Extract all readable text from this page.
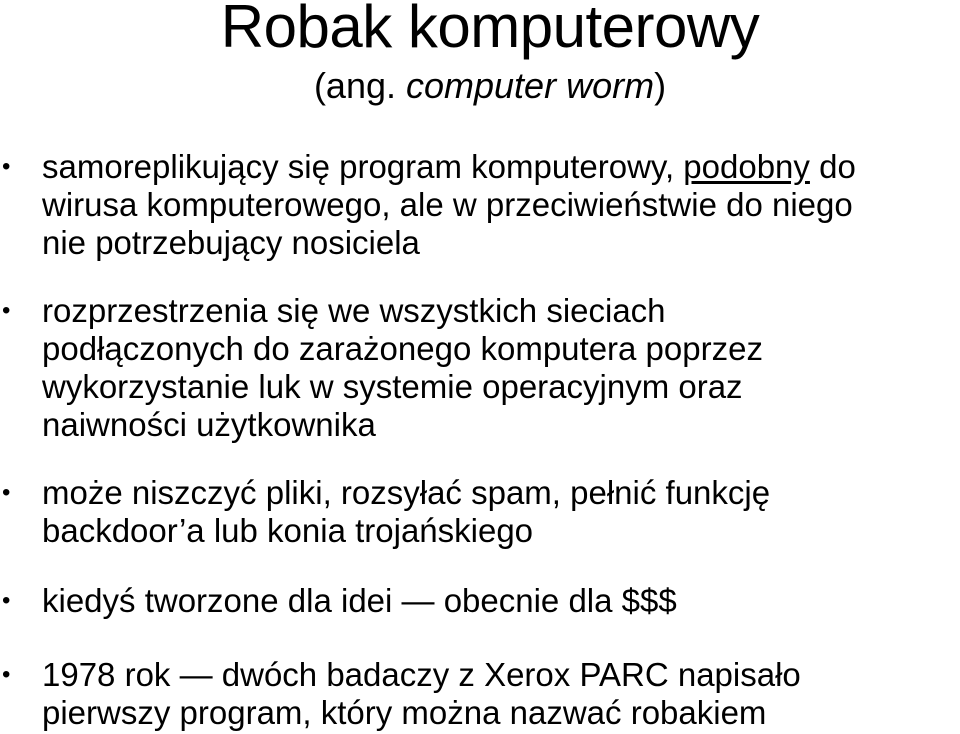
Robak komputerowy

(ang. computer worm)

• samoreplikujący się program komputerowy, podobny do
wirusa komputerowego, ale w przeciwieństwie do niego
nie potrzebujący nosiciela
• rozprzestrzenia się we wszystkich sieciach
podłączonych do zarażonego komputera poprzez
wykorzystanie luk w systemie operacyjnym oraz
naiwności użytkownika
• może niszczyć pliki, rozsyłać spam, pełnić funkcję
backdoor’a lub konia trojańskiego
• kiedyś tworzone dla idei — obecnie dla $$$
• 1978 rok — dwóch badaczy z Xerox PARC napisało
pierwszy program, który można nazwać robakiem
